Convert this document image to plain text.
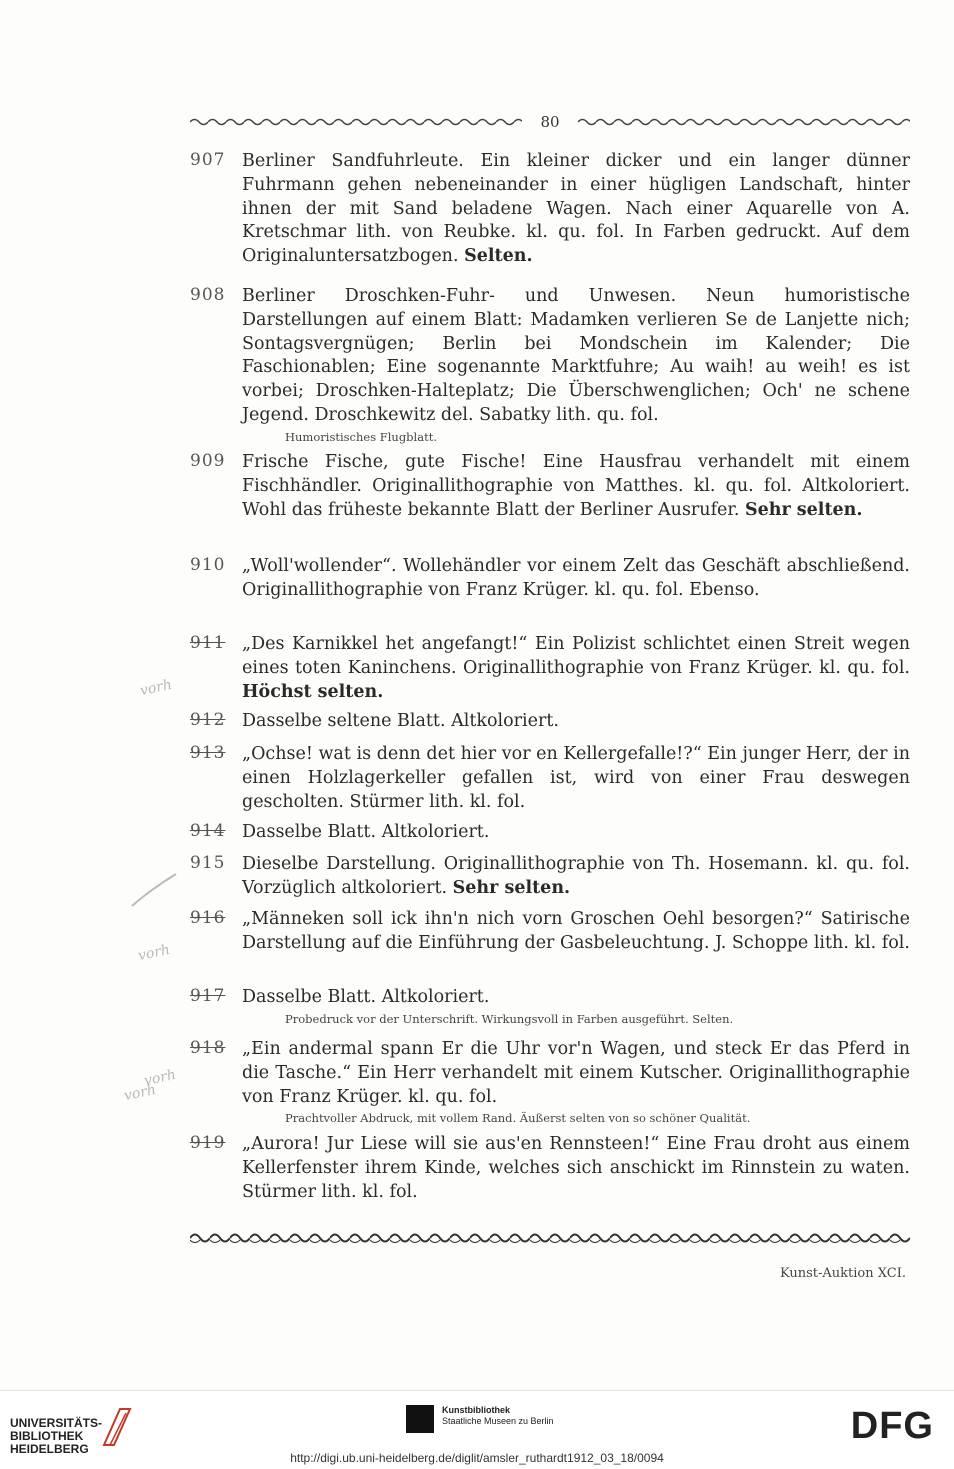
80
907 Berliner Sandfuhrleute. Ein kleiner dicker und ein langer dünner Fuhrmann gehen nebeneinander in einer hügligen Landschaft, hinter ihnen der mit Sand beladene Wagen. Nach einer Aquarelle von A. Kretschmar lith. von Reubke. kl. qu. fol. In Farben gedruckt. Auf dem Originaluntersatzbogen. Selten.
908 Berliner Droschken-Fuhr- und Unwesen. Neun humoristische Darstellungen auf einem Blatt: Madamken verlieren Se de Lanjette nich; Sontagsvergnügen; Berlin bei Mondschein im Kalender; Die Faschionablen; Eine sogenannte Marktfuhre; Au waih! au weih! es ist vorbei; Droschken-Halteplatz; Die Überschwenglichen; Och' ne schene Jegend. Droschkewitz del. Sabatky lith. qu. fol.
Humoristisches Flugblatt.
909 Frische Fische, gute Fische! Eine Hausfrau verhandelt mit einem Fischhändler. Originallithographie von Matthes. kl. qu. fol. Altkoloriert. Wohl das früheste bekannte Blatt der Berliner Ausrufer. Sehr selten.
910 „Woll'wollender“. Wollehändler vor einem Zelt das Geschäft abschließend. Originallithographie von Franz Krüger. kl. qu. fol. Ebenso.
911 „Des Karnikkel het angefangt!“ Ein Polizist schlichtet einen Streit wegen eines toten Kaninchens. Originallithographie von Franz Krüger. kl. qu. fol. Höchst selten.
912 Dasselbe seltene Blatt. Altkoloriert.
913 „Ochse! wat is denn det hier vor en Kellergefalle!?“ Ein junger Herr, der in einen Holzlagerkeller gefallen ist, wird von einer Frau deswegen gescholten. Stürmer lith. kl. fol.
914 Dasselbe Blatt. Altkoloriert.
915 Dieselbe Darstellung. Originallithographie von Th. Hosemann. kl. qu. fol. Vorzüglich altkoloriert. Sehr selten.
916 „Männeken soll ick ihn'n nich vorn Groschen Oehl besorgen?“ Satirische Darstellung auf die Einführung der Gasbeleuchtung. J. Schoppe lith. kl. fol.
917 Dasselbe Blatt. Altkoloriert.
Probedruck vor der Unterschrift. Wirkungsvoll in Farben ausgeführt. Selten.
918 „Ein andermal spann Er die Uhr vor'n Wagen, und steck Er das Pferd in die Tasche.“ Ein Herr verhandelt mit einem Kutscher. Originallithographie von Franz Krüger. kl. qu. fol.
Prachtvoller Abdruck, mit vollem Rand. Äußerst selten von so schöner Qualität.
919 „Aurora! Jur Liese will sie aus'en Rennsteen!“ Eine Frau droht aus einem Kellerfenster ihrem Kinde, welches sich anschickt im Rinnstein zu waten. Stürmer lith. kl. fol.
vorh
vorh
vorh
vorh
Kunst-Auktion XCI.
UNIVERSITÄTS-
BIBLIOTHEK
HEIDELBERG
Kunstbibliothek
Staatliche Museen zu Berlin	DFG
http://digi.ub.uni-heidelberg.de/diglit/amsler_ruthardt1912_03_18/0094
